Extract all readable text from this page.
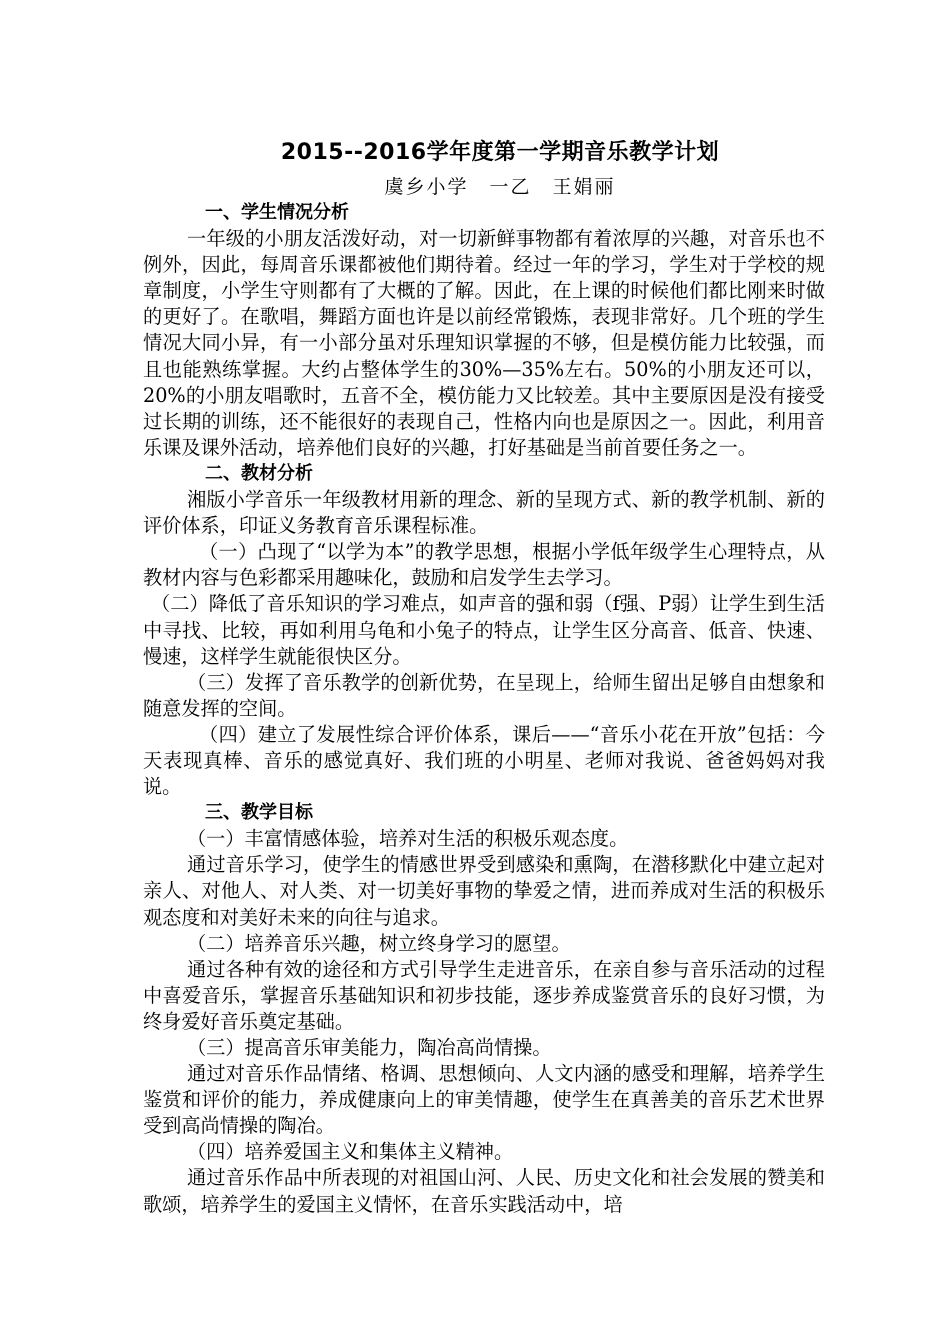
2015--2016学年度第一学期音乐教学计划
虞乡小学　一乙　王娟丽

一、学生情况分析

一年级的小朋友活泼好动，对一切新鲜事物都有着浓厚的兴趣，对音乐也不例外，因此，每周音乐课都被他们期待着。经过一年的学习，学生对于学校的规章制度，小学生守则都有了大概的了解。因此，在上课的时候他们都比刚来时做的更好了。在歌唱，舞蹈方面也许是以前经常锻炼，表现非常好。几个班的学生情况大同小异，有一小部分虽对乐理知识掌握的不够，但是模仿能力比较强，而且也能熟练掌握。大约占整体学生的30%—35%左右。50%的小朋友还可以，20%的小朋友唱歌时，五音不全，模仿能力又比较差。其中主要原因是没有接受过长期的训练，还不能很好的表现自己，性格内向也是原因之一。因此，利用音乐课及课外活动，培养他们良好的兴趣，打好基础是当前首要任务之一。

二、教材分析

湘版小学音乐一年级教材用新的理念、新的呈现方式、新的教学机制、新的评价体系，印证义务教育音乐课程标准。

（一）凸现了“以学为本”的教学思想，根据小学低年级学生心理特点，从教材内容与色彩都采用趣味化，鼓励和启发学生去学习。

（二）降低了音乐知识的学习难点，如声音的强和弱（f强、P弱）让学生到生活中寻找、比较，再如利用乌龟和小兔子的特点，让学生区分高音、低音、快速、慢速，这样学生就能很快区分。

（三）发挥了音乐教学的创新优势，在呈现上，给师生留出足够自由想象和随意发挥的空间。

（四）建立了发展性综合评价体系，课后——“音乐小花在开放”包括：今天表现真棒、音乐的感觉真好、我们班的小明星、老师对我说、爸爸妈妈对我说。

三、教学目标

（一）丰富情感体验，培养对生活的积极乐观态度。

通过音乐学习，使学生的情感世界受到感染和熏陶，在潜移默化中建立起对亲人、对他人、对人类、对一切美好事物的挚爱之情，进而养成对生活的积极乐观态度和对美好未来的向往与追求。

（二）培养音乐兴趣，树立终身学习的愿望。

通过各种有效的途径和方式引导学生走进音乐，在亲自参与音乐活动的过程中喜爱音乐，掌握音乐基础知识和初步技能，逐步养成鉴赏音乐的良好习惯，为终身爱好音乐奠定基础。

（三）提高音乐审美能力，陶冶高尚情操。

通过对音乐作品情绪、格调、思想倾向、人文内涵的感受和理解，培养学生鉴赏和评价的能力，养成健康向上的审美情趣，使学生在真善美的音乐艺术世界受到高尚情操的陶冶。

（四）培养爱国主义和集体主义精神。

通过音乐作品中所表现的对祖国山河、人民、历史文化和社会发展的赞美和歌颂，培养学生的爱国主义情怀，在音乐实践活动中，培
